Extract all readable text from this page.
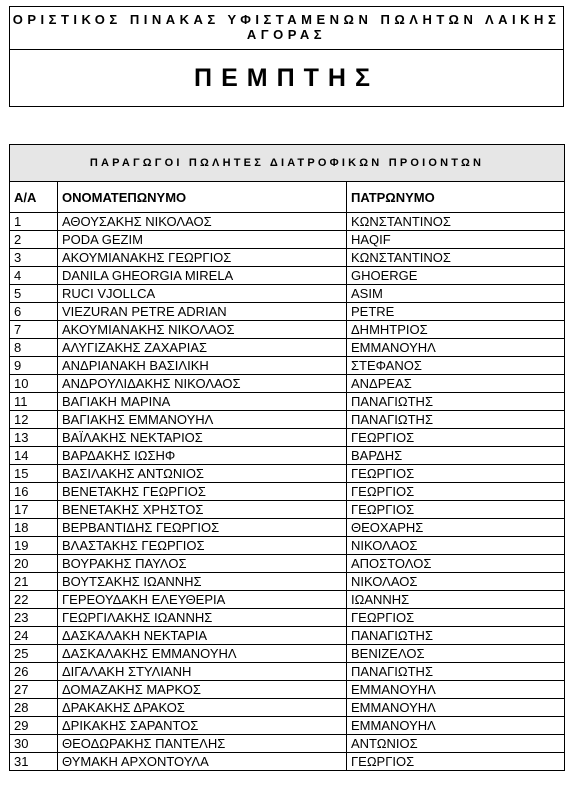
ΟΡΙΣΤΙΚΟΣ ΠΙΝΑΚΑΣ ΥΦΙΣΤΑΜΕΝΩΝ ΠΩΛΗΤΩΝ ΛΑΙΚΗΣ
ΑΓΟΡΑΣ
ΠΕΜΠΤΗΣ
ΠΑΡΑΓΩΓΟΙ ΠΩΛΗΤΕΣ ΔΙΑΤΡΟΦΙΚΩΝ ΠΡΟΙΟΝΤΩΝ		
Α/Α	ΟΝΟΜΑΤΕΠΩΝΥΜΟ	ΠΑΤΡΩΝΥΜΟ
1	ΑΘΟΥΣΑΚΗΣ ΝΙΚΟΛΑΟΣ	ΚΩΝΣΤΑΝΤΙΝΟΣ
2	PODA GEZIM	HAQIF
3	ΑΚΟΥΜΙΑΝΑΚΗΣ ΓΕΩΡΓΙΟΣ	ΚΩΝΣΤΑΝΤΙΝΟΣ
4	DANILA GHEORGIA MIRELA	GHOERGE
5	RUCI VJOLLCA	ASIM
6	VIEZURAN PETRE ADRIAN	PETRE
7	ΑΚΟΥΜΙΑΝΑΚΗΣ ΝΙΚΟΛΑΟΣ	ΔΗΜΗΤΡΙΟΣ
8	ΑΛΥΓΙΖΑΚΗΣ ΖΑΧΑΡΙΑΣ	ΕΜΜΑΝΟΥΗΛ
9	ΑΝΔΡΙΑΝΑΚΗ ΒΑΣΙΛΙΚΗ	ΣΤΕΦΑΝΟΣ
10	ΑΝΔΡΟΥΛΙΔΑΚΗΣ ΝΙΚΟΛΑΟΣ	ΑΝΔΡΕΑΣ
11	ΒΑΓΙΑΚΗ ΜΑΡΙΝΑ	ΠΑΝΑΓΙΩΤΗΣ
12	ΒΑΓΙΑΚΗΣ ΕΜΜΑΝΟΥΗΛ	ΠΑΝΑΓΙΩΤΗΣ
13	ΒΑΪΛΑΚΗΣ ΝΕΚΤΑΡΙΟΣ	ΓΕΩΡΓΙΟΣ
14	ΒΑΡΔΑΚΗΣ ΙΩΣΗΦ	ΒΑΡΔΗΣ
15	ΒΑΣΙΛΑΚΗΣ ΑΝΤΩΝΙΟΣ	ΓΕΩΡΓΙΟΣ
16	ΒΕΝΕΤΑΚΗΣ ΓΕΩΡΓΙΟΣ	ΓΕΩΡΓΙΟΣ
17	ΒΕΝΕΤΑΚΗΣ ΧΡΗΣΤΟΣ	ΓΕΩΡΓΙΟΣ
18	ΒΕΡΒΑΝΤΙΔΗΣ ΓΕΩΡΓΙΟΣ	ΘΕΟΧΑΡΗΣ
19	ΒΛΑΣΤΑΚΗΣ ΓΕΩΡΓΙΟΣ	ΝΙΚΟΛΑΟΣ
20	ΒΟΥΡΑΚΗΣ ΠΑΥΛΟΣ	ΑΠΟΣΤΟΛΟΣ
21	ΒΟΥΤΣΑΚΗΣ ΙΩΑΝΝΗΣ	ΝΙΚΟΛΑΟΣ
22	ΓΕΡΕΟΥΔΑΚΗ ΕΛΕΥΘΕΡΙΑ	ΙΩΑΝΝΗΣ
23	ΓΕΩΡΓΙΛΑΚΗΣ ΙΩΑΝΝΗΣ	ΓΕΩΡΓΙΟΣ
24	ΔΑΣΚΑΛΑΚΗ ΝΕΚΤΑΡΙΑ	ΠΑΝΑΓΙΩΤΗΣ
25	ΔΑΣΚΑΛΑΚΗΣ ΕΜΜΑΝΟΥΗΛ	ΒΕΝΙΖΕΛΟΣ
26	ΔΙΓΑΛΑΚΗ ΣΤΥΛΙΑΝΗ	ΠΑΝΑΓΙΩΤΗΣ
27	ΔΟΜΑΖΑΚΗΣ ΜΑΡΚΟΣ	ΕΜΜΑΝΟΥΗΛ
28	ΔΡΑΚΑΚΗΣ ΔΡΑΚΟΣ	ΕΜΜΑΝΟΥΗΛ
29	ΔΡΙΚΑΚΗΣ ΣΑΡΑΝΤΟΣ	ΕΜΜΑΝΟΥΗΛ
30	ΘΕΟΔΩΡΑΚΗΣ ΠΑΝΤΕΛΗΣ	ΑΝΤΩΝΙΟΣ
31	ΘΥΜΑΚΗ ΑΡΧΟΝΤΟΥΛΑ	ΓΕΩΡΓΙΟΣ
